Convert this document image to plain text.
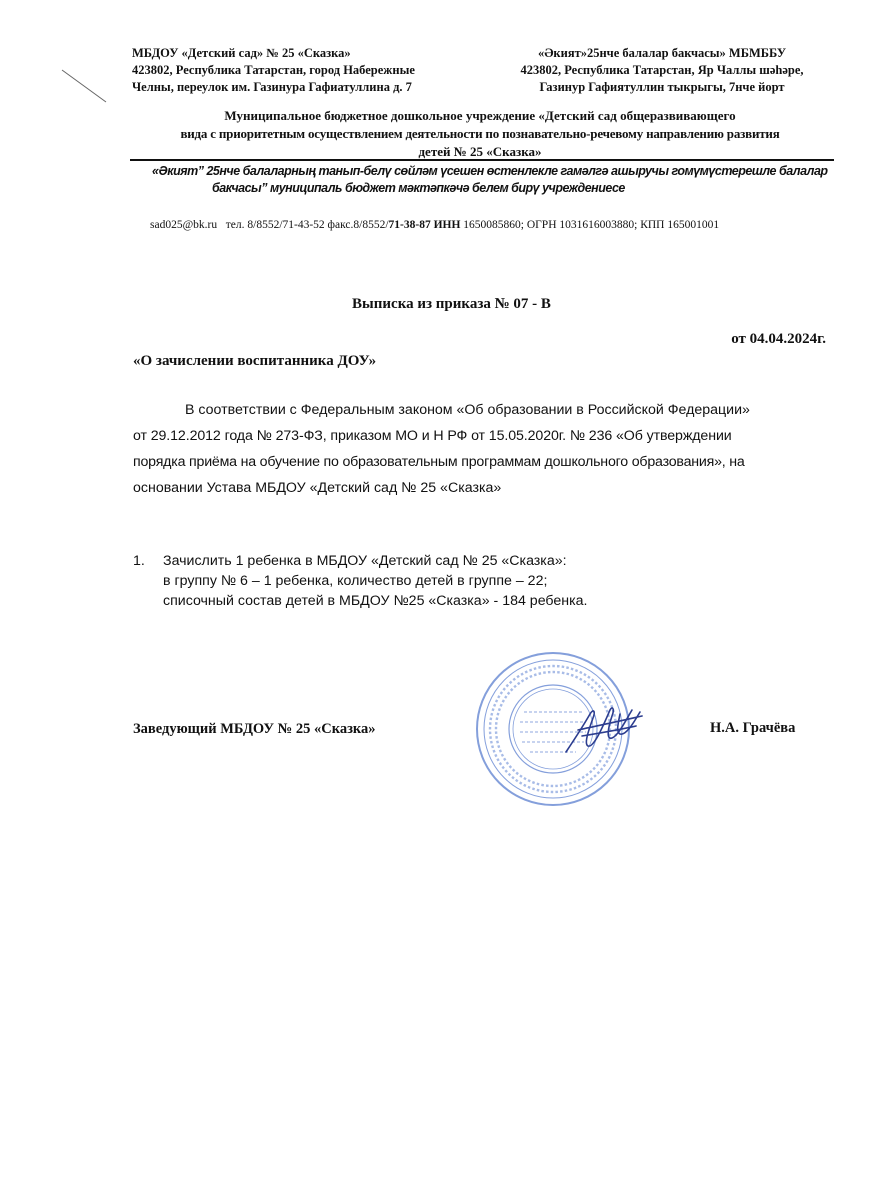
МБДОУ «Детский сад» № 25 «Сказка»
423802, Республика Татарстан, город Набережные
Челны, переулок им. Газинура Гафиатуллина д. 7
«Әкият»25нче балалар бакчасы» МБМББУ
423802, Республика Татарстан, Яр Чаллы шәһәре,
Газинур Гафиятуллин тыкрыгы, 7нче йорт
Муниципальное бюджетное дошкольное учреждение «Детский сад общеразвивающего
вида с приоритетным осуществлением деятельности по познавательно-речевому направлению развития
детей № 25 «Сказка»
«Әкият” 25нче балаларның танып-белү сөйләм үсешен өстенлекле гамәлгә ашыручы гомүмүстерешле балалар
бакчасы” муниципаль бюджет мәктәпкәчә белем бирү учреждениесе
sad025@bk.ru тел. 8/8552/71-43-52 факс.8/8552/71-38-87 ИНН 1650085860; ОГРН 1031616003880; КПП 165001001
Выписка из приказа № 07 - В
от 04.04.2024г.
«О зачислении воспитанника ДОУ»
В соответствии с Федеральным законом «Об образовании в Российской Федерации»
от 29.12.2012 года № 273-ФЗ, приказом МО и Н РФ от 15.05.2020г. № 236 «Об утверждении
порядка приёма на обучение по образовательным программам дошкольного образования», на
основании Устава МБДОУ «Детский сад № 25 «Сказка»
1.	Зачислить 1 ребенка в МБДОУ «Детский сад № 25 «Сказка»:
в группу № 6 – 1 ребенка, количество детей в группе – 22;
списочный состав детей в МБДОУ №25 «Сказка» - 184 ребенка.
Заведующий МБДОУ № 25 «Сказка»	Н.А. Грачёва
